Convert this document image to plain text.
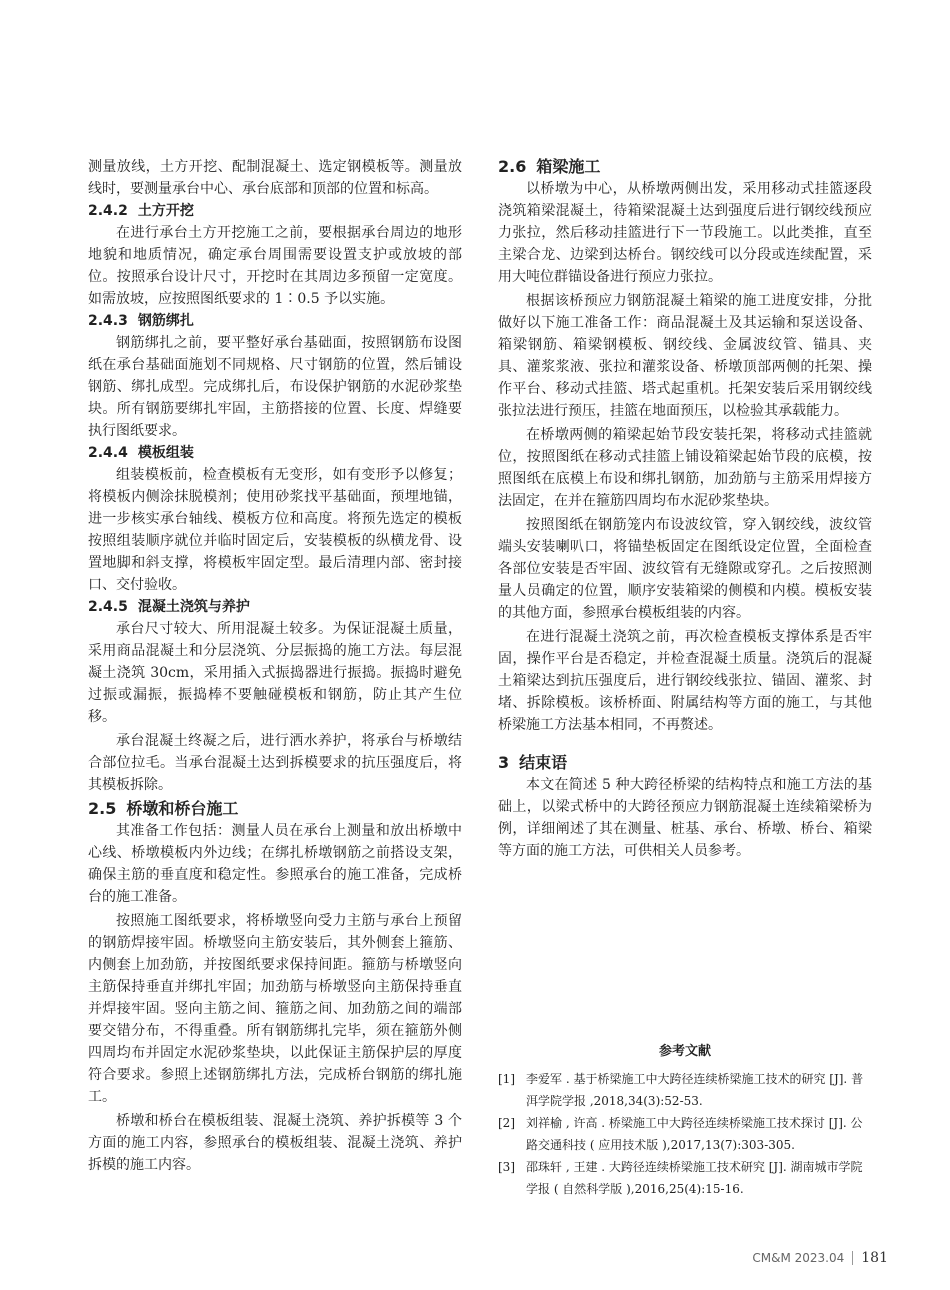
测量放线，土方开挖、配制混凝土、选定钢模板等。测量放线时，要测量承台中心、承台底部和顶部的位置和标高。

2.4.2 土方开挖

在进行承台土方开挖施工之前，要根据承台周边的地形地貌和地质情况，确定承台周围需要设置支护或放坡的部位。按照承台设计尺寸，开挖时在其周边多预留一定宽度。如需放坡，应按照图纸要求的 1∶0.5 予以实施。

2.4.3 钢筋绑扎

钢筋绑扎之前，要平整好承台基础面，按照钢筋布设图纸在承台基础面施划不同规格、尺寸钢筋的位置，然后铺设钢筋、绑扎成型。完成绑扎后，布设保护钢筋的水泥砂浆垫块。所有钢筋要绑扎牢固，主筋搭接的位置、长度、焊缝要执行图纸要求。

2.4.4 模板组装

组装模板前，检查模板有无变形，如有变形予以修复；将模板内侧涂抹脱模剂；使用砂浆找平基础面，预埋地锚，进一步核实承台轴线、模板方位和高度。将预先选定的模板按照组装顺序就位并临时固定后，安装模板的纵横龙骨、设置地脚和斜支撑，将模板牢固定型。最后清理内部、密封接口、交付验收。

2.4.5 混凝土浇筑与养护

承台尺寸较大、所用混凝土较多。为保证混凝土质量，采用商品混凝土和分层浇筑、分层振捣的施工方法。每层混凝土浇筑 30cm，采用插入式振捣器进行振捣。振捣时避免过振或漏振，振捣棒不要触碰模板和钢筋，防止其产生位移。

承台混凝土终凝之后，进行洒水养护，将承台与桥墩结合部位拉毛。当承台混凝土达到拆模要求的抗压强度后，将其模板拆除。

2.5 桥墩和桥台施工

其准备工作包括：测量人员在承台上测量和放出桥墩中心线、桥墩模板内外边线；在绑扎桥墩钢筋之前搭设支架，确保主筋的垂直度和稳定性。参照承台的施工准备，完成桥台的施工准备。

按照施工图纸要求，将桥墩竖向受力主筋与承台上预留的钢筋焊接牢固。桥墩竖向主筋安装后，其外侧套上箍筋、内侧套上加劲筋，并按图纸要求保持间距。箍筋与桥墩竖向主筋保持垂直并绑扎牢固；加劲筋与桥墩竖向主筋保持垂直并焊接牢固。竖向主筋之间、箍筋之间、加劲筋之间的端部要交错分布，不得重叠。所有钢筋绑扎完毕，须在箍筋外侧四周均布并固定水泥砂浆垫块，以此保证主筋保护层的厚度符合要求。参照上述钢筋绑扎方法，完成桥台钢筋的绑扎施工。

桥墩和桥台在模板组装、混凝土浇筑、养护拆模等 3 个方面的施工内容，参照承台的模板组装、混凝土浇筑、养护拆模的施工内容。

2.6 箱梁施工

以桥墩为中心，从桥墩两侧出发，采用移动式挂篮逐段浇筑箱梁混凝土，待箱梁混凝土达到强度后进行钢绞线预应力张拉，然后移动挂篮进行下一节段施工。以此类推，直至主梁合龙、边梁到达桥台。钢绞线可以分段或连续配置，采用大吨位群锚设备进行预应力张拉。

根据该桥预应力钢筋混凝土箱梁的施工进度安排，分批做好以下施工准备工作：商品混凝土及其运输和泵送设备、箱梁钢筋、箱梁钢模板、钢绞线、金属波纹管、锚具、夹具、灌浆浆液、张拉和灌浆设备、桥墩顶部两侧的托架、操作平台、移动式挂篮、塔式起重机。托架安装后采用钢绞线张拉法进行预压，挂篮在地面预压，以检验其承载能力。

在桥墩两侧的箱梁起始节段安装托架，将移动式挂篮就位，按照图纸在移动式挂篮上铺设箱梁起始节段的底模，按照图纸在底模上布设和绑扎钢筋，加劲筋与主筋采用焊接方法固定，在并在箍筋四周均布水泥砂浆垫块。

按照图纸在钢筋笼内布设波纹管，穿入钢绞线，波纹管端头安装喇叭口，将锚垫板固定在图纸设定位置，全面检查各部位安装是否牢固、波纹管有无缝隙或穿孔。之后按照测量人员确定的位置，顺序安装箱梁的侧模和内模。模板安装的其他方面，参照承台模板组装的内容。

在进行混凝土浇筑之前，再次检查模板支撑体系是否牢固，操作平台是否稳定，并检查混凝土质量。浇筑后的混凝土箱梁达到抗压强度后，进行钢绞线张拉、锚固、灌浆、封堵、拆除模板。该桥桥面、附属结构等方面的施工，与其他桥梁施工方法基本相同，不再赘述。

3 结束语

本文在简述 5 种大跨径桥梁的结构特点和施工方法的基础上，以梁式桥中的大跨径预应力钢筋混凝土连续箱梁桥为例，详细阐述了其在测量、桩基、承台、桥墩、桥台、箱梁等方面的施工方法，可供相关人员参考。

参考文献
[1] 李爱军 . 基于桥梁施工中大跨径连续桥梁施工技术的研究 [J]. 普洱学院学报 ,2018,34(3):52-53.
[2] 刘祥榆 , 许高 . 桥梁施工中大跨径连续桥梁施工技术探讨 [J]. 公路交通科技 ( 应用技术版 ),2017,13(7):303-305.
[3] 邵珠轩 , 王建 . 大跨径连续桥梁施工技术研究 [J]. 湖南城市学院学报 ( 自然科学版 ),2016,25(4):15-16.
CM&M 2023.04 181
